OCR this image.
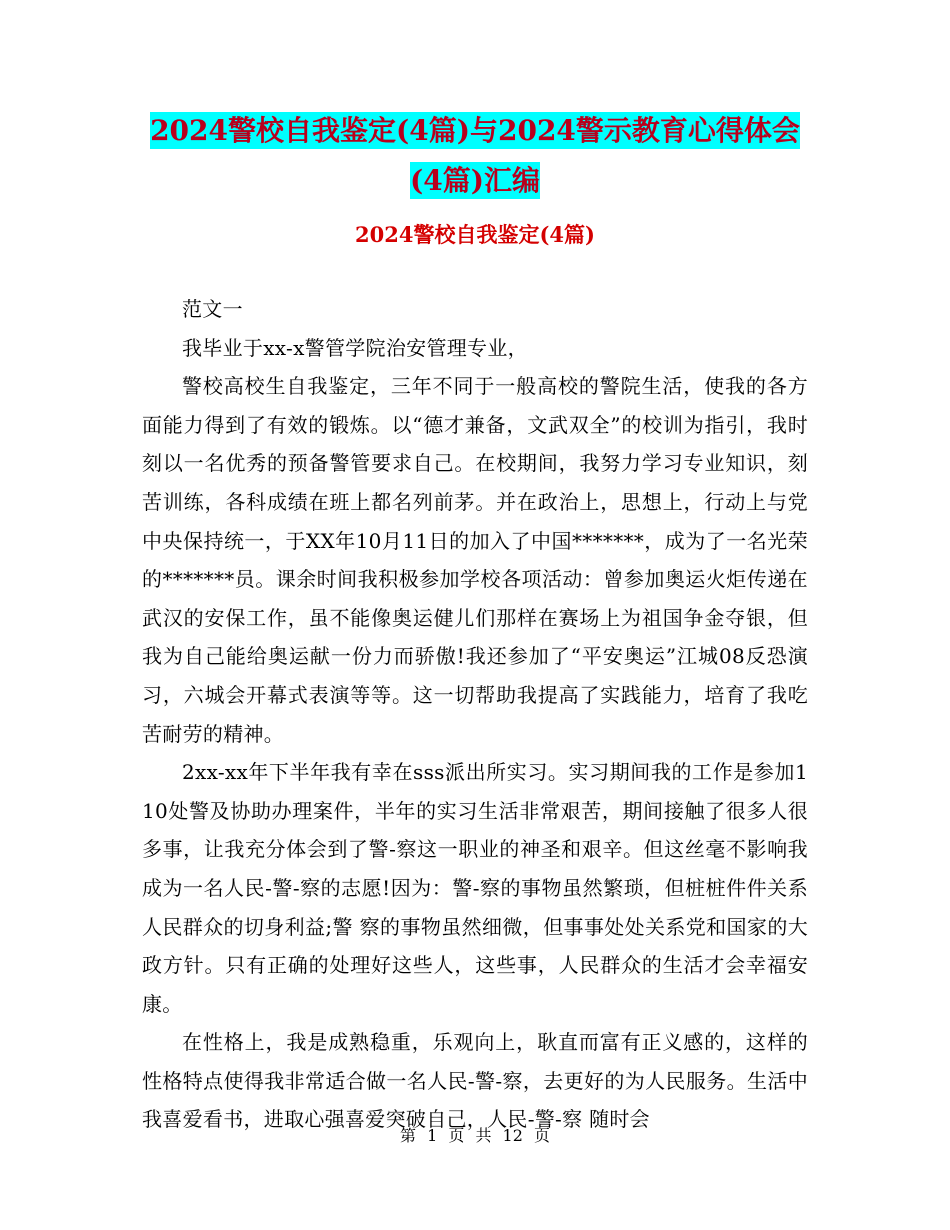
2024警校自我鉴定(4篇)与2024警示教育心得体会(4篇)汇编
2024警校自我鉴定(4篇)

范文一

我毕业于xx-x警管学院治安管理专业，

警校高校生自我鉴定，三年不同于一般高校的警院生活，使我的各方面能力得到了有效的锻炼。以“德才兼备，文武双全”的校训为指引，我时刻以一名优秀的预备警管要求自己。在校期间，我努力学习专业知识，刻苦训练，各科成绩在班上都名列前茅。并在政治上，思想上，行动上与党中央保持统一，于XX年10月11日的加入了中国*******，成为了一名光荣的*******员。课余时间我积极参加学校各项活动：曾参加奥运火炬传递在武汉的安保工作，虽不能像奥运健儿们那样在赛场上为祖国争金夺银，但我为自己能给奥运献一份力而骄傲!我还参加了“平安奥运”江城08反恐演习，六城会开幕式表演等等。这一切帮助我提高了实践能力，培育了我吃苦耐劳的精神。

2xx-xx年下半年我有幸在sss派出所实习。实习期间我的工作是参加110处警及协助办理案件，半年的实习生活非常艰苦，期间接触了很多人很多事，让我充分体会到了警-察这一职业的神圣和艰辛。但这丝毫不影响我成为一名人民-警-察的志愿!因为：警-察的事物虽然繁琐，但桩桩件件关系人民群众的切身利益;警 察的事物虽然细微，但事事处处关系党和国家的大政方针。只有正确的处理好这些人，这些事，人民群众的生活才会幸福安康。

在性格上，我是成熟稳重，乐观向上，耿直而富有正义感的，这样的性格特点使得我非常适合做一名人民-警-察，去更好的为人民服务。生活中我喜爱看书，进取心强喜爱突破自己，人民-警-察 随时会

第 1 页 共 12 页
